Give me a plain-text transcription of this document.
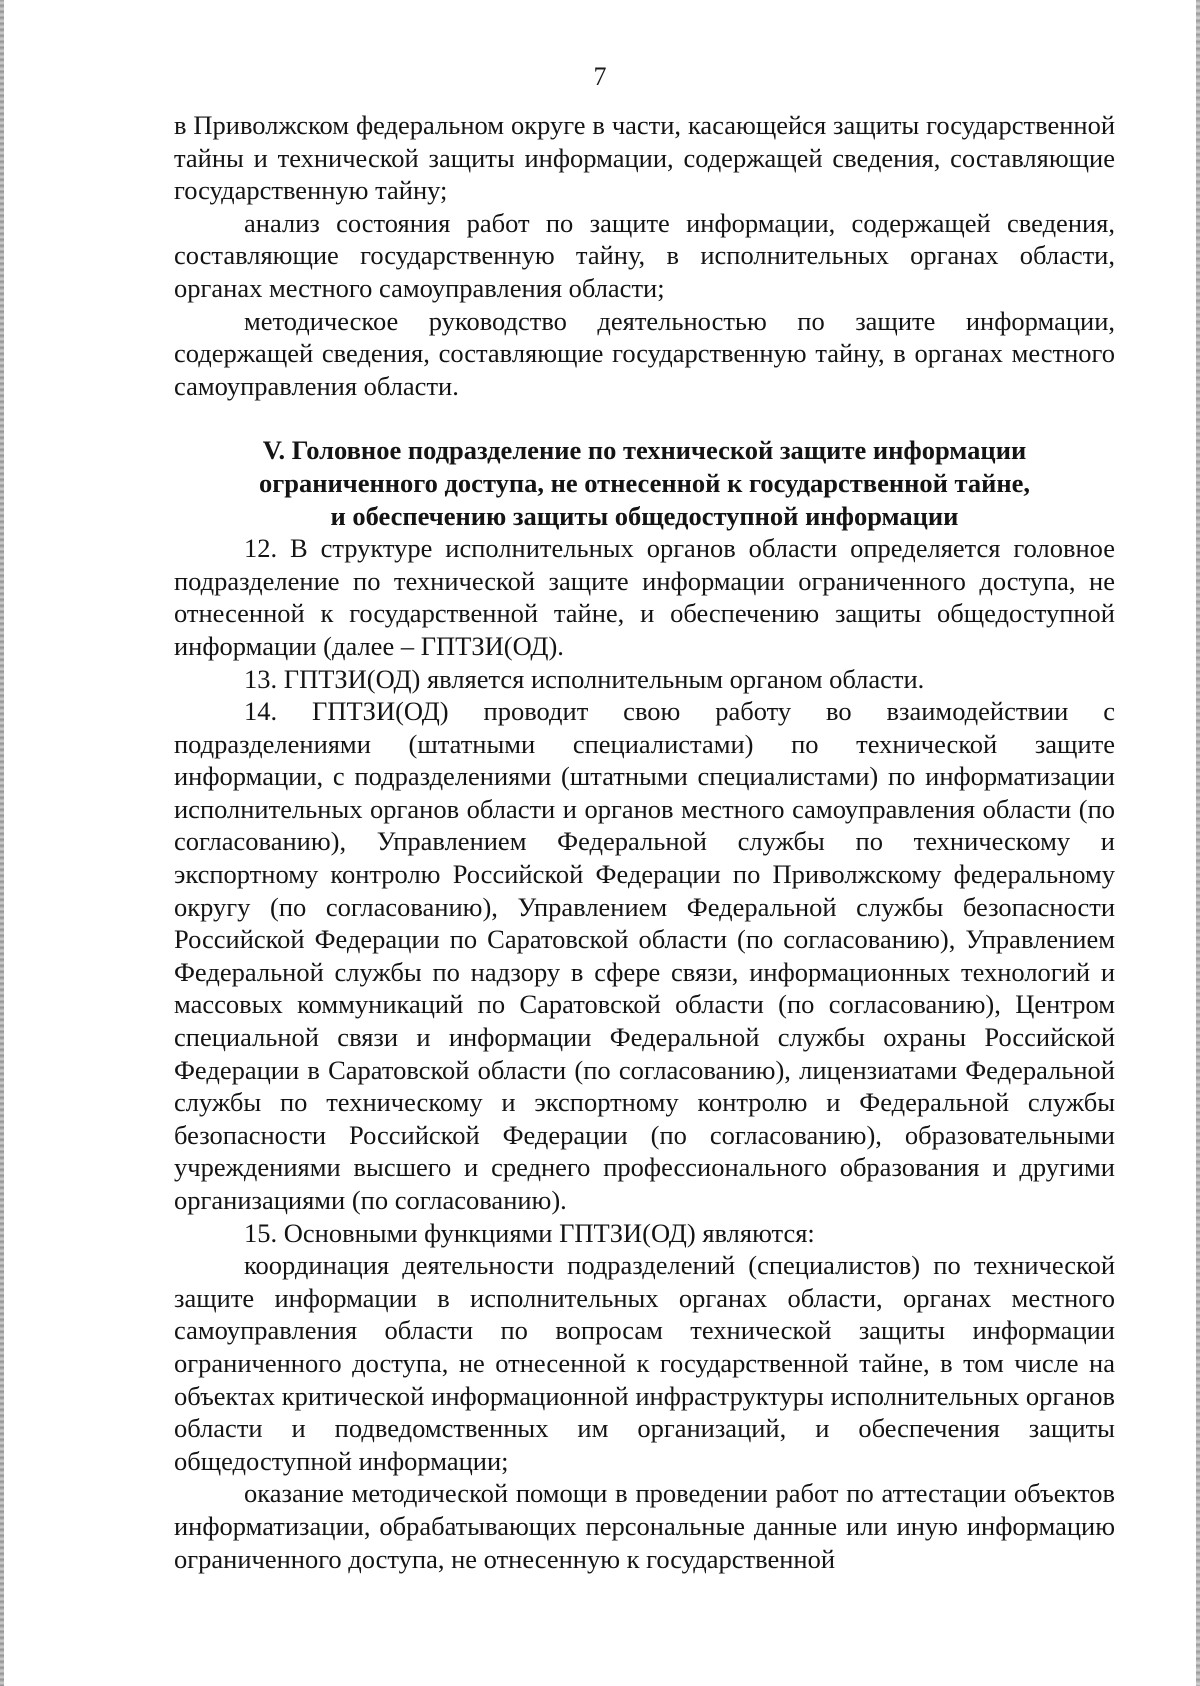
7

в Приволжском федеральном округе в части, касающейся защиты государственной тайны и технической защиты информации, содержащей сведения, составляющие государственную тайну;

анализ состояния работ по защите информации, содержащей сведения, составляющие государственную тайну, в исполнительных органах области, органах местного самоуправления области;

методическое руководство деятельностью по защите информации, содержащей сведения, составляющие государственную тайну, в органах местного самоуправления области.

V. Головное подразделение по технической защите информации
ограниченного доступа, не отнесенной к государственной тайне,
и обеспечению защиты общедоступной информации

12. В структуре исполнительных органов области определяется головное подразделение по технической защите информации ограниченного доступа, не отнесенной к государственной тайне, и обеспечению защиты общедоступной информации (далее – ГПТЗИ(ОД).

13. ГПТЗИ(ОД) является исполнительным органом области.

14. ГПТЗИ(ОД) проводит свою работу во взаимодействии с подразделениями (штатными специалистами) по технической защите информации, с подразделениями (штатными специалистами) по информатизации исполнительных органов области и органов местного самоуправления области (по согласованию), Управлением Федеральной службы по техническому и экспортному контролю Российской Федерации по Приволжскому федеральному округу (по согласованию), Управлением Федеральной службы безопасности Российской Федерации по Саратовской области (по согласованию), Управлением Федеральной службы по надзору в сфере связи, информационных технологий и массовых коммуникаций по Саратовской области (по согласованию), Центром специальной связи и информации Федеральной службы охраны Российской Федерации в Саратовской области (по согласованию), лицензиатами Федеральной службы по техническому и экспортному контролю и Федеральной службы безопасности Российской Федерации (по согласованию), образовательными учреждениями высшего и среднего профессионального образования и другими организациями (по согласованию).

15. Основными функциями ГПТЗИ(ОД) являются:

координация деятельности подразделений (специалистов) по технической защите информации в исполнительных органах области, органах местного самоуправления области по вопросам технической защиты информации ограниченного доступа, не отнесенной к государственной тайне, в том числе на объектах критической информационной инфраструктуры исполнительных органов области и подведомственных им организаций, и обеспечения защиты общедоступной информации;

оказание методической помощи в проведении работ по аттестации объектов информатизации, обрабатывающих персональные данные или иную информацию ограниченного доступа, не отнесенную к государственной
